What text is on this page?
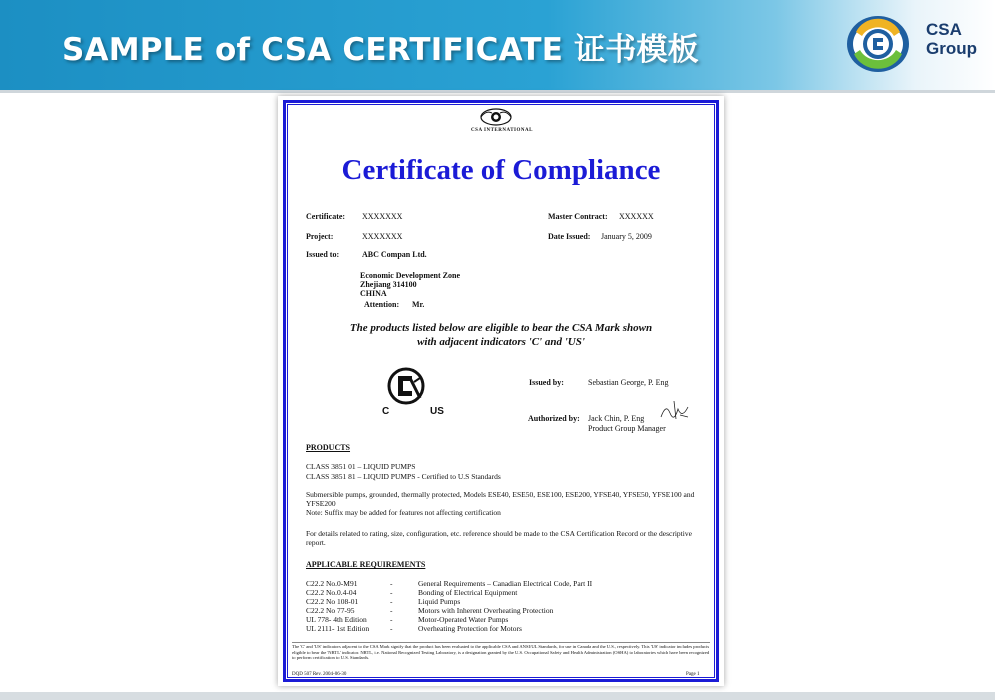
SAMPLE of CSA CERTIFICATE 证书模板
CSA
Group
CSA INTERNATIONAL
Certificate of Compliance
Certificate: XXXXXXX	Master Contract: XXXXXX
Project:	XXXXXXX	Date Issued: January 5, 2009
Issued to:	ABC Compan Ltd.
Economic Development Zone
Zhejiang 314100
CHINA
Attention: Mr.
The products listed below are eligible to bear the CSA Mark shown
with adjacent indicators 'C' and 'US'
C	US
Issued by:	Sebastian George, P. Eng
Authorized by: Jack Chin, P. Eng
Product Group Manager
PRODUCTS
CLASS 3851 01 – LIQUID PUMPS
CLASS 3851 81 – LIQUID PUMPS - Certified to U.S Standards
Submersible pumps, grounded, thermally protected, Models ESE40, ESE50, ESE100, ESE200, YFSE40, YFSE50, YFSE100 and YFSE200
Note: Suffix may be added for features not affecting certification
For details related to rating, size, configuration, etc. reference should be made to the CSA Certification Record or the descriptive report.
APPLICABLE REQUIREMENTS
C22.2 No.0-M91	-	General Requirements – Canadian Electrical Code, Part II
C22.2 No.0.4-04	-	Bonding of Electrical Equipment
C22.2 No 108-01	-	Liquid Pumps
C22.2 No 77-95	-	Motors with Inherent Overheating Protection
UL 778- 4th Edition	-	Motor-Operated Water Pumps
UL 2111- 1st Edition	-	Overheating Protection for Motors
The 'C' and 'US' indicators adjacent to the CSA Mark signify that the product has been evaluated to the applicable CSA and ANSI/UL Standards, for use in Canada and the U.S., respectively. This 'US' indicator includes products eligible to bear the 'NRTL' indicator. NRTL, i.e. National Recognized Testing Laboratory, is a designation granted by the U.S. Occupational Safety and Health Administration (OSHA) to laboratories which have been recognized to perform certification to U.S. Standards.
DQD 507 Rev. 2004-06-30	Page 1
